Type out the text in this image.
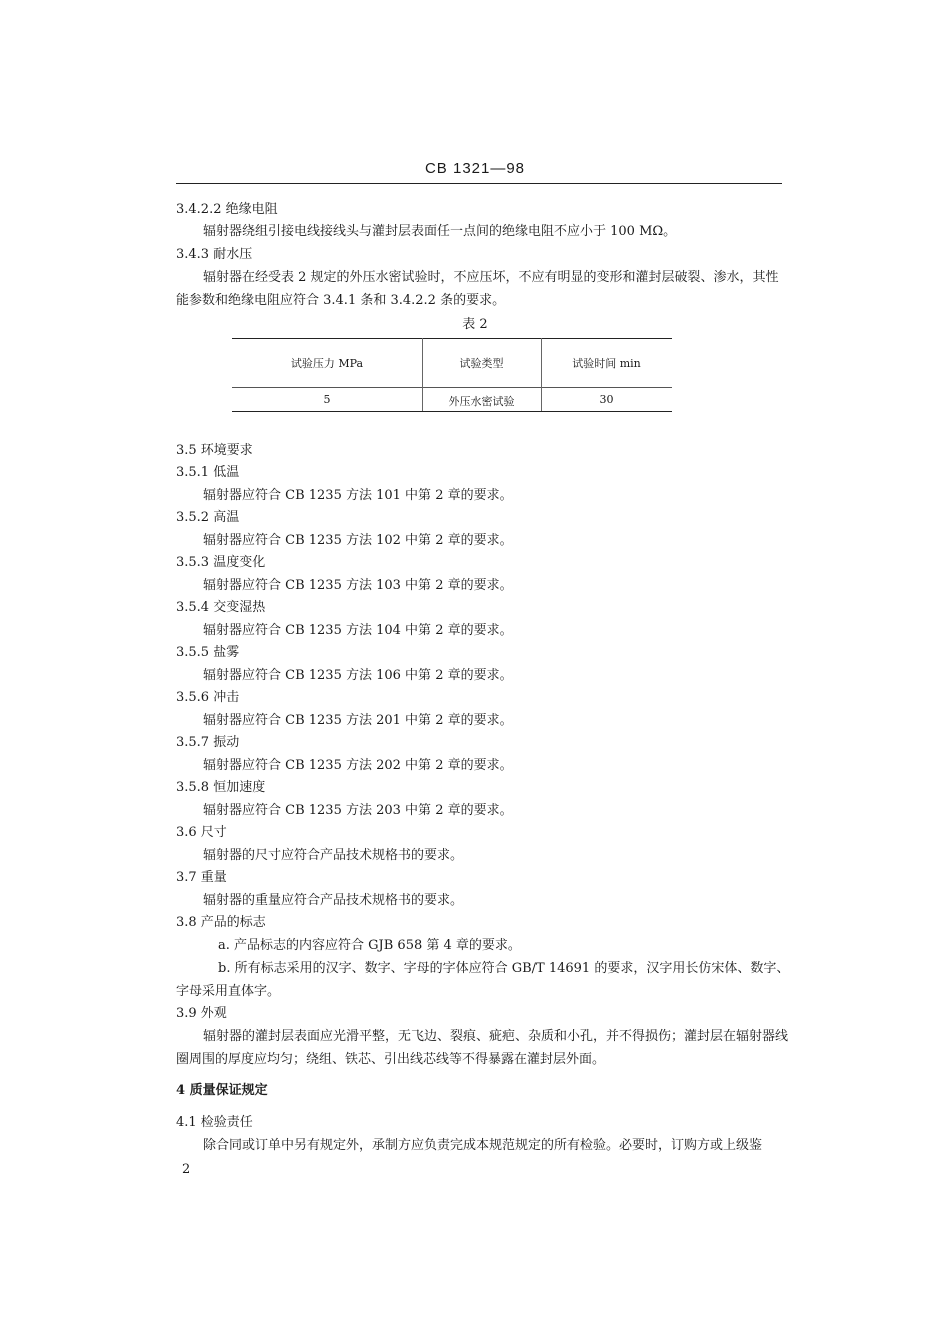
CB 1321—98
3.4.2.2 绝缘电阻
辐射器绕组引接电线接线头与灌封层表面任一点间的绝缘电阻不应小于 100 MΩ。
3.4.3 耐水压
辐射器在经受表 2 规定的外压水密试验时，不应压坏，不应有明显的变形和灌封层破裂、渗水，其性
能参数和绝缘电阻应符合 3.4.1 条和 3.4.2.2 条的要求。
表 2
试验压力 MPa	试验类型	试验时间 min
5	外压水密试验	30
3.5 环境要求
3.5.1 低温
辐射器应符合 CB 1235 方法 101 中第 2 章的要求。
3.5.2 高温
辐射器应符合 CB 1235 方法 102 中第 2 章的要求。
3.5.3 温度变化
辐射器应符合 CB 1235 方法 103 中第 2 章的要求。
3.5.4 交变湿热
辐射器应符合 CB 1235 方法 104 中第 2 章的要求。
3.5.5 盐雾
辐射器应符合 CB 1235 方法 106 中第 2 章的要求。
3.5.6 冲击
辐射器应符合 CB 1235 方法 201 中第 2 章的要求。
3.5.7 振动
辐射器应符合 CB 1235 方法 202 中第 2 章的要求。
3.5.8 恒加速度
辐射器应符合 CB 1235 方法 203 中第 2 章的要求。
3.6 尺寸
辐射器的尺寸应符合产品技术规格书的要求。
3.7 重量
辐射器的重量应符合产品技术规格书的要求。
3.8 产品的标志
a. 产品标志的内容应符合 GJB 658 第 4 章的要求。
b. 所有标志采用的汉字、数字、字母的字体应符合 GB/T 14691 的要求，汉字用长仿宋体、数字、
字母采用直体字。
3.9 外观
辐射器的灌封层表面应光滑平整，无飞边、裂痕、疵疤、杂质和小孔，并不得损伤；灌封层在辐射器线
圈周围的厚度应均匀；绕组、铁芯、引出线芯线等不得暴露在灌封层外面。
4 质量保证规定
4.1 检验责任
除合同或订单中另有规定外，承制方应负责完成本规范规定的所有检验。必要时，订购方或上级鉴
2
